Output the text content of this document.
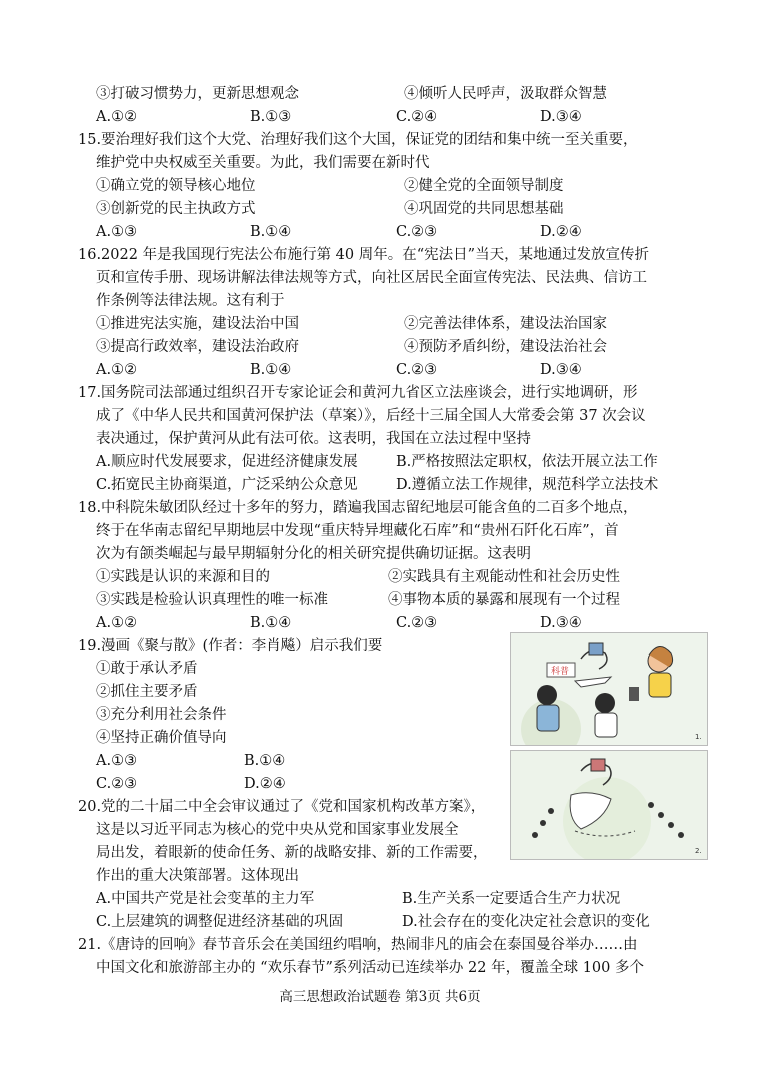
③打破习惯势力，更新思想观念	④倾听人民呼声，汲取群众智慧
A.①②	B.①③	C.②④	D.③④
15.要治理好我们这个大党、治理好我们这个大国，保证党的团结和集中统一至关重要，
维护党中央权威至关重要。为此，我们需要在新时代
①确立党的领导核心地位	②健全党的全面领导制度
③创新党的民主执政方式	④巩固党的共同思想基础
A.①③	B.①④	C.②③	D.②④
16.2022 年是我国现行宪法公布施行第 40 周年。在“宪法日”当天，某地通过发放宣传折
页和宣传手册、现场讲解法律法规等方式，向社区居民全面宣传宪法、民法典、信访工
作条例等法律法规。这有利于
①推进宪法实施，建设法治中国	②完善法律体系，建设法治国家
③提高行政效率，建设法治政府	④预防矛盾纠纷，建设法治社会
A.①②	B.①④	C.②③	D.③④
17.国务院司法部通过组织召开专家论证会和黄河九省区立法座谈会，进行实地调研，形
成了《中华人民共和国黄河保护法（草案）》，后经十三届全国人大常委会第 37 次会议
表决通过，保护黄河从此有法可依。这表明，我国在立法过程中坚持
A.顺应时代发展要求，促进经济健康发展	B.严格按照法定职权，依法开展立法工作
C.拓宽民主协商渠道，广泛采纳公众意见	D.遵循立法工作规律，规范科学立法技术
18.中科院朱敏团队经过十多年的努力，踏遍我国志留纪地层可能含鱼的二百多个地点，
终于在华南志留纪早期地层中发现“重庆特异埋藏化石库”和“贵州石阡化石库”，首
次为有颌类崛起与最早期辐射分化的相关研究提供确切证据。这表明
①实践是认识的来源和目的	②实践具有主观能动性和社会历史性
③实践是检验认识真理性的唯一标准	④事物本质的暴露和展现有一个过程
A.①②	B.①④	C.②③	D.③④
19.漫画《聚与散》(作者：李肖飚）启示我们要
①敢于承认矛盾
②抓住主要矛盾
③充分利用社会条件
④坚持正确价值导向
A.①③	B.①④
C.②③	D.②④
20.党的二十届二中全会审议通过了《党和国家机构改革方案》，
这是以习近平同志为核心的党中央从党和国家事业发展全
局出发，着眼新的使命任务、新的战略安排、新的工作需要，
作出的重大决策部署。这体现出
A.中国共产党是社会变革的主力军	B.生产关系一定要适合生产力状况
C.上层建筑的调整促进经济基础的巩固	D.社会存在的变化决定社会意识的变化
21.《唐诗的回响》春节音乐会在美国纽约唱响，热闹非凡的庙会在泰国曼谷举办……由
中国文化和旅游部主办的 “欢乐春节”系列活动已连续举办 22 年，覆盖全球 100 多个
科普
1.
2.
高三思想政治试题卷 第3页 共6页
